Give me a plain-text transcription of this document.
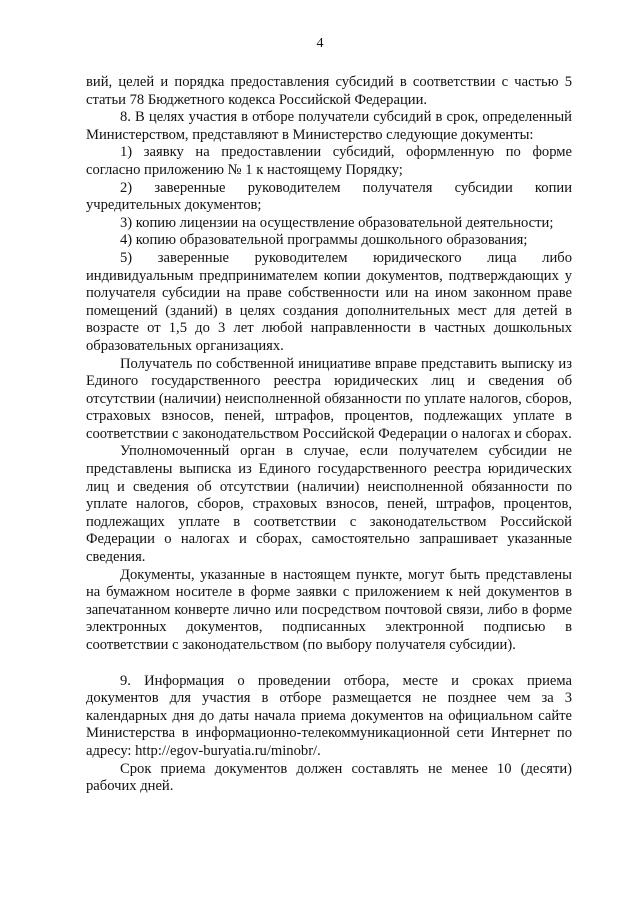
4

вий, целей и порядка предоставления субсидий в соответствии с частью 5 статьи 78 Бюджетного кодекса Российской Федерации.

8. В целях участия в отборе получатели субсидий в срок, определенный Министерством, представляют в Министерство следующие документы:

1) заявку на предоставлении субсидий, оформленную по форме согласно приложению № 1 к настоящему Порядку;

2) заверенные руководителем получателя субсидии копии учредительных документов;

3) копию лицензии на осуществление образовательной деятельности;

4) копию образовательной программы дошкольного образования;

5) заверенные руководителем юридического лица либо индивидуальным предпринимателем копии документов, подтверждающих у получателя субсидии на праве собственности или на ином законном праве помещений (зданий) в целях создания дополнительных мест для детей в возрасте от 1,5 до 3 лет любой направленности в частных дошкольных образовательных организациях.

Получатель по собственной инициативе вправе представить выписку из Единого государственного реестра юридических лиц и сведения об отсутствии (наличии) неисполненной обязанности по уплате налогов, сборов, страховых взносов, пеней, штрафов, процентов, подлежащих уплате в соответствии с законодательством Российской Федерации о налогах и сборах.

Уполномоченный орган в случае, если получателем субсидии не представлены выписка из Единого государственного реестра юридических лиц и сведения об отсутствии (наличии) неисполненной обязанности по уплате налогов, сборов, страховых взносов, пеней, штрафов, процентов, подлежащих уплате в соответствии с законодательством Российской Федерации о налогах и сборах, самостоятельно запрашивает указанные сведения.

Документы, указанные в настоящем пункте, могут быть представлены на бумажном носителе в форме заявки с приложением к ней документов в запечатанном конверте лично или посредством почтовой связи, либо в форме электронных документов, подписанных электронной подписью в соответствии с законодательством (по выбору получателя субсидии).

9. Информация о проведении отбора, месте и сроках приема документов для участия в отборе размещается не позднее чем за 3 календарных дня до даты начала приема документов на официальном сайте Министерства в информационно-телекоммуникационной сети Интернет по адресу: http://egov-buryatia.ru/minobr/.

Срок приема документов должен составлять не менее 10 (десяти) рабочих дней.
